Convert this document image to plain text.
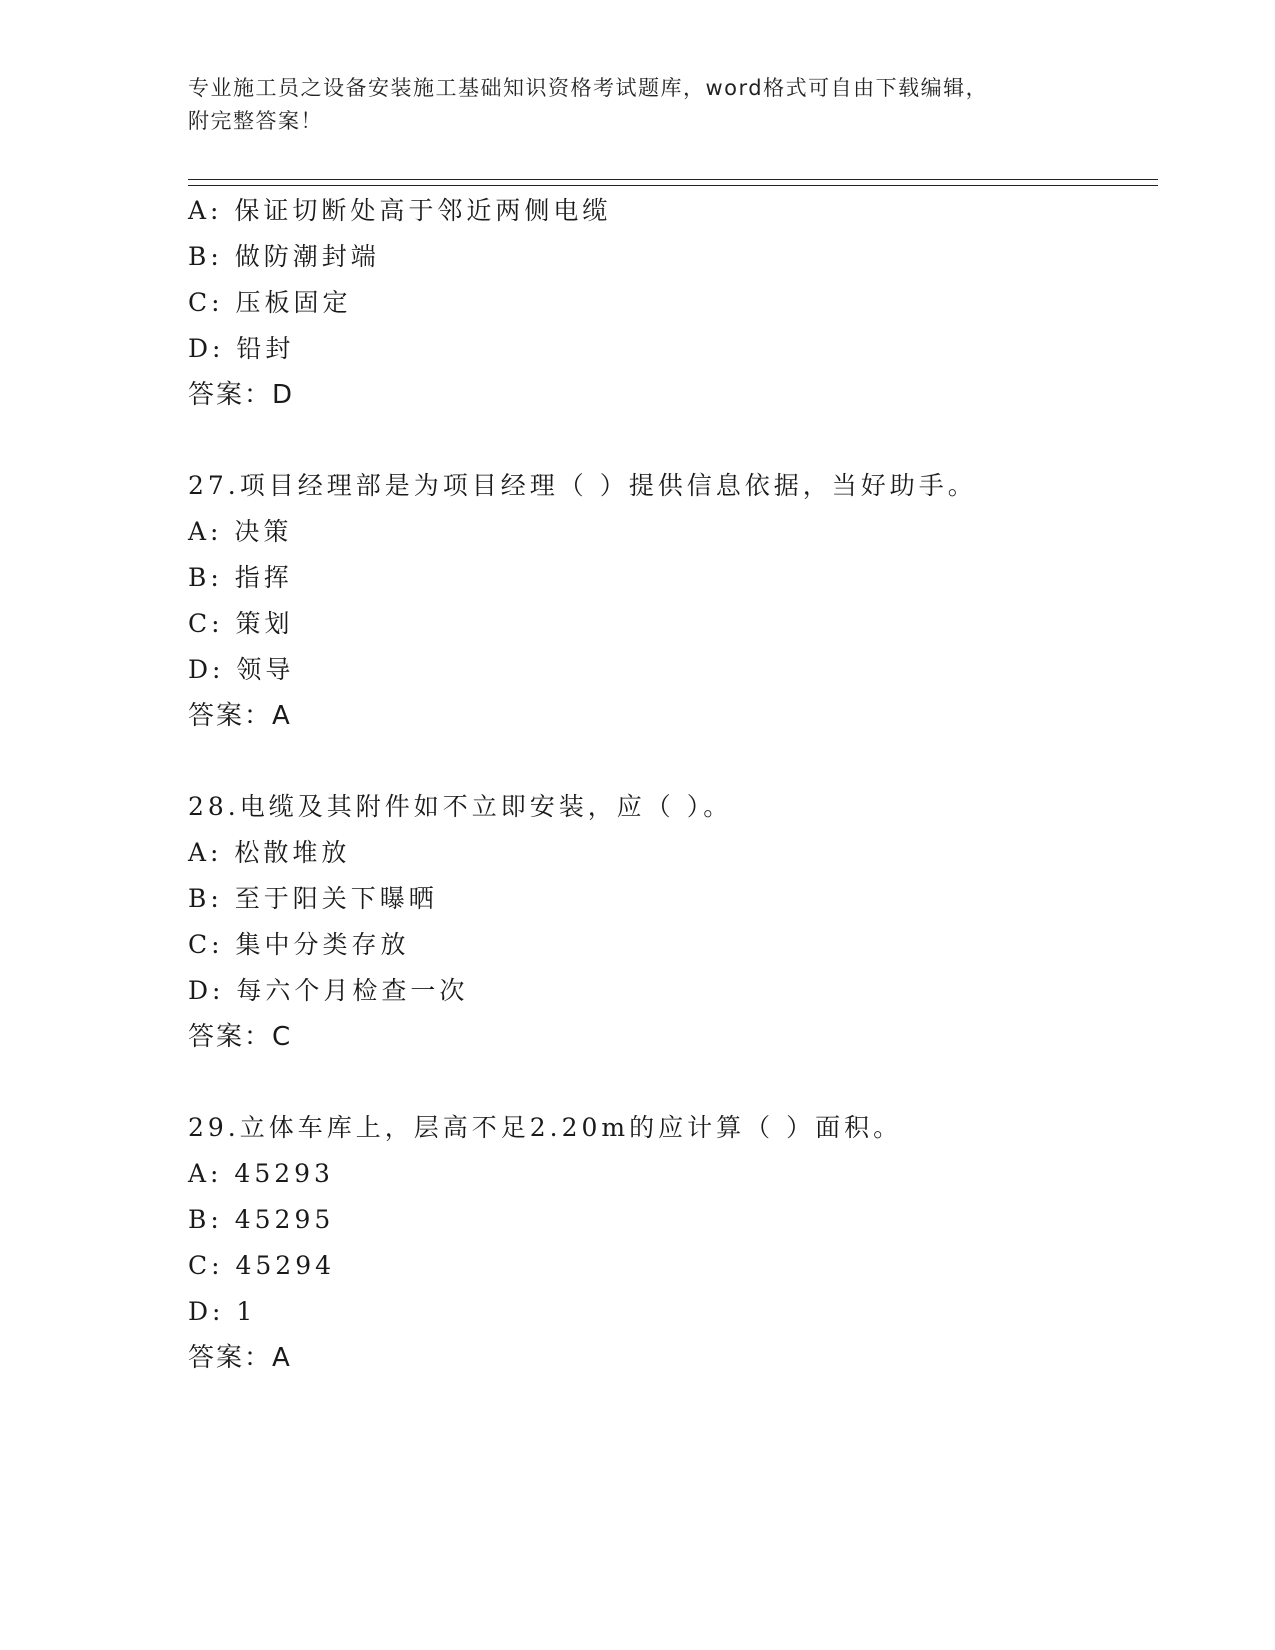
专业施工员之设备安装施工基础知识资格考试题库，word格式可自由下载编辑，
附完整答案！
A: 保证切断处高于邻近两侧电缆
B: 做防潮封端
C: 压板固定
D: 铅封
答案：D
27.项目经理部是为项目经理（ ）提供信息依据，当好助手。
A: 决策
B: 指挥
C: 策划
D: 领导
答案：A
28.电缆及其附件如不立即安装，应（ ）。
A: 松散堆放
B: 至于阳关下曝晒
C: 集中分类存放
D: 每六个月检查一次
答案：C
29.立体车库上，层高不足2.20m的应计算（ ）面积。
A: 45293
B: 45295
C: 45294
D: 1
答案：A
